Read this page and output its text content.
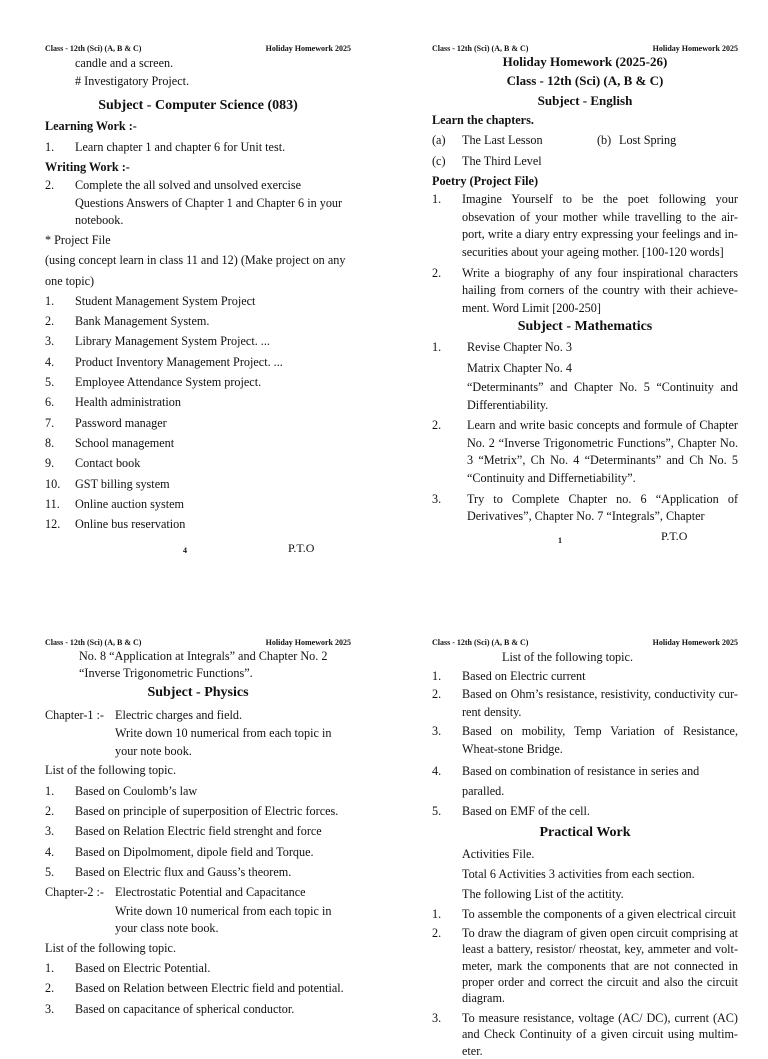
Class - 12th (Sci) (A, B & C)	Holiday Homework 2025
candle and a screen.
# Investigatory Project.
Subject - Computer Science (083)
Learning Work :-
1.	Learn chapter 1 and chapter 6 for Unit test.
Writing Work :-
2.	Complete the all solved and unsolved exercise Questions Answers of Chapter 1 and Chapter 6 in your notebook.
* Project File
(using concept learn in class 11 and 12) (Make project on any one topic)
1.	Student Management System Project
2.	Bank Management System.
3.	Library Management System Project. ...
4.	Product Inventory Management Project. ...
5.	Employee Attendance System project.
6.	Health administration
7.	Password manager
8.	School management
9.	Contact book
10.	GST billing system
11.	Online auction system
12.	Online bus reservation
4	P.T.O
Class - 12th (Sci) (A, B & C)	Holiday Homework 2025
Holiday Homework (2025-26)
Class - 12th (Sci) (A, B & C)
Subject - English
Learn the chapters.
(a)	The Last Lesson	(b) Lost Spring
(c)	The Third Level
Poetry (Project File)
1.	Imagine Yourself to be the poet following your obsevation of your mother while travelling to the air-port, write a diary entry expressing your feelings and in-securities about your ageing mother. [100-120 words]
2.	Write a biography of any four inspirational characters hailing from corners of the country with their achieve-ment. Word Limit [200-250]
Subject - Mathematics
1.	Revise Chapter No. 3
Matrix Chapter No. 4
“Determinants” and Chapter No. 5 “Continuity and Differentiability.
2.	Learn and write basic concepts and formule of Chapter No. 2 “Inverse Trigonometric Functions”, Chapter No. 3 “Metrix”, Ch No. 4 “Determinants” and Ch No. 5 “Continuity and Differnetiability”.
3.	Try to Complete Chapter no. 6 “Application of Derivatives”, Chapter No. 7 “Integrals”, Chapter
1	P.T.O
Class - 12th (Sci) (A, B & C)	Holiday Homework 2025
No. 8 “Application at Integrals” and Chapter No. 2
“Inverse Trigonometric Functions”.
Subject - Physics
Chapter-1 :- Electric charges and field.
Write down 10 numerical from each topic in your note book.
List of the following topic.
1.	Based on Coulomb’s law
2.	Based on principle of superposition of Electric forces.
3.	Based on Relation Electric field strenght and force
4.	Based on Dipolmoment, dipole field and Torque.
5.	Based on Electric flux and Gauss’s theorem.
Chapter-2 :- Electrostatic Potential and Capacitance
Write down 10 numerical from each topic in your class note book.
List of the following topic.
1.	Based on Electric Potential.
2.	Based on Relation between Electric field and potential.
3.	Based on capacitance of spherical conductor.
Class - 12th (Sci) (A, B & C)	Holiday Homework 2025
List of the following topic.
1.	Based on Electric current
2.	Based on Ohm’s resistance, resistivity, conductivity cur-rent density.
3.	Based on mobility, Temp Variation of Resistance, Wheat-stone Bridge.
4.	Based on combination of resistance in series and paralled.
5.	Based on EMF of the cell.
Practical Work
Activities File.
Total 6 Activities 3 activities from each section.
The following List of the actitity.
1.	To assemble the components of a given electrical circuit
2.	To draw the diagram of given open circuit comprising at least a battery, resistor/ rheostat, key, ammeter and volt-meter, mark the components that are not connected in proper order and correct the circuit and also the circuit diagram.
3.	To measure resistance, voltage (AC/ DC), current (AC) and Check Continuity of a given circuit using multim-eter.
